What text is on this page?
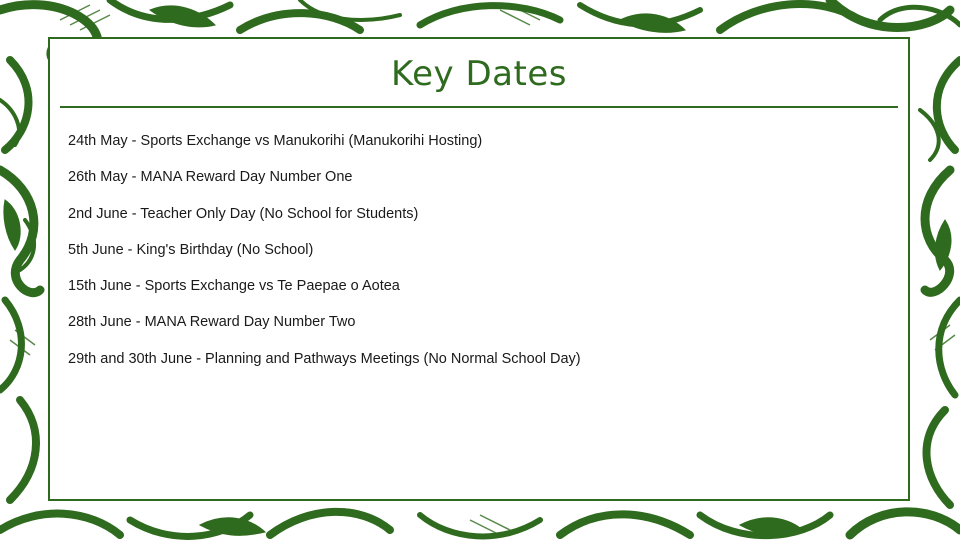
Key Dates
24th May - Sports Exchange vs Manukorihi (Manukorihi Hosting)
26th May - MANA Reward Day Number One
2nd June - Teacher Only Day (No School for Students)
5th June - King's Birthday (No School)
15th June - Sports Exchange vs Te Paepae o Aotea
28th June - MANA Reward Day Number Two
29th and 30th June - Planning and Pathways Meetings (No Normal School Day)
